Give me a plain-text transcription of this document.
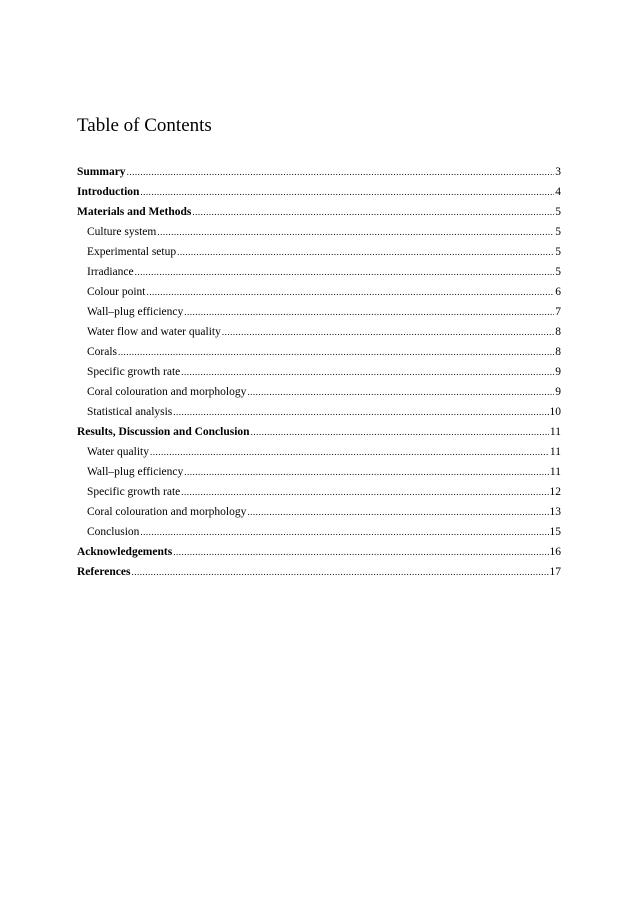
Table of Contents
Summary .....	3
Introduction .....	4
Materials and Methods .....	5
Culture system .....	5
Experimental setup .....	5
Irradiance .....	5
Colour point .....	6
Wall–plug efficiency .....	7
Water flow and water quality .....	8
Corals .....	8
Specific growth rate .....	9
Coral colouration and morphology .....	9
Statistical analysis .....	10
Results, Discussion and Conclusion .....	11
Water quality .....	11
Wall–plug efficiency .....	11
Specific growth rate .....	12
Coral colouration and morphology .....	13
Conclusion .....	15
Acknowledgements .....	16
References .....	17
